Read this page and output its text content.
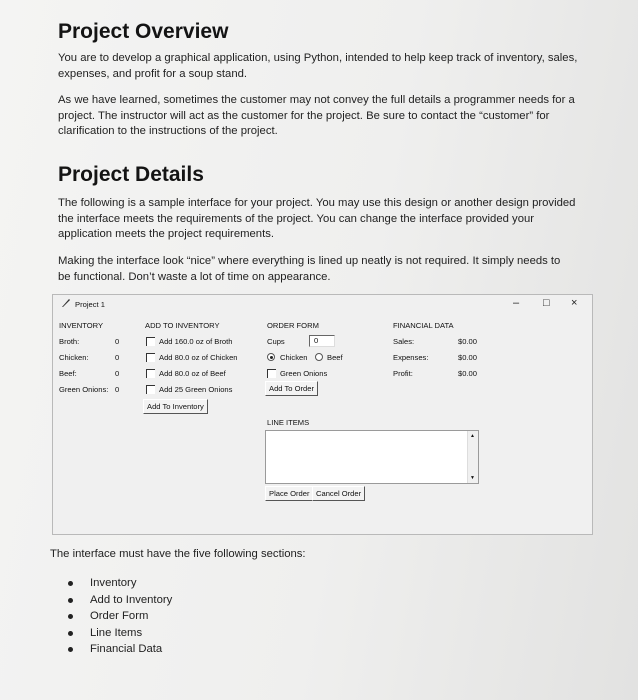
Project Overview
You are to develop a graphical application, using Python, intended to help keep track of inventory, sales,
expenses, and profit for a soup stand.
As we have learned, sometimes the customer may not convey the full details a programmer needs for a
project. The instructor will act as the customer for the project. Be sure to contact the “customer” for
clarification to the instructions of the project.
Project Details
The following is a sample interface for your project. You may use this design or another design provided
the interface meets the requirements of the project. You can change the interface provided your
application meets the project requirements.
Making the interface look “nice” where everything is lined up neatly is not required. It simply needs to
be functional. Don’t waste a lot of time on appearance.
Project 1	– □ ×
INVENTORY
Broth:	0
Chicken:	0
Beef:	0
Green Onions: 0
ADD TO INVENTORY
Add 160.0 oz of Broth
Add 80.0 oz of Chicken
Add 80.0 oz of Beef
Add 25 Green Onions
Add To Inventory
ORDER FORM
Cups	0
Chicken	Beef
Green Onions
Add To Order
LINE ITEMS
▲
▼
Place Order Cancel Order
FINANCIAL DATA
Sales:	$0.00
Expenses:	$0.00
Profit:	$0.00
The interface must have the five following sections:
Inventory
Add to Inventory
Order Form
Line Items
Financial Data
